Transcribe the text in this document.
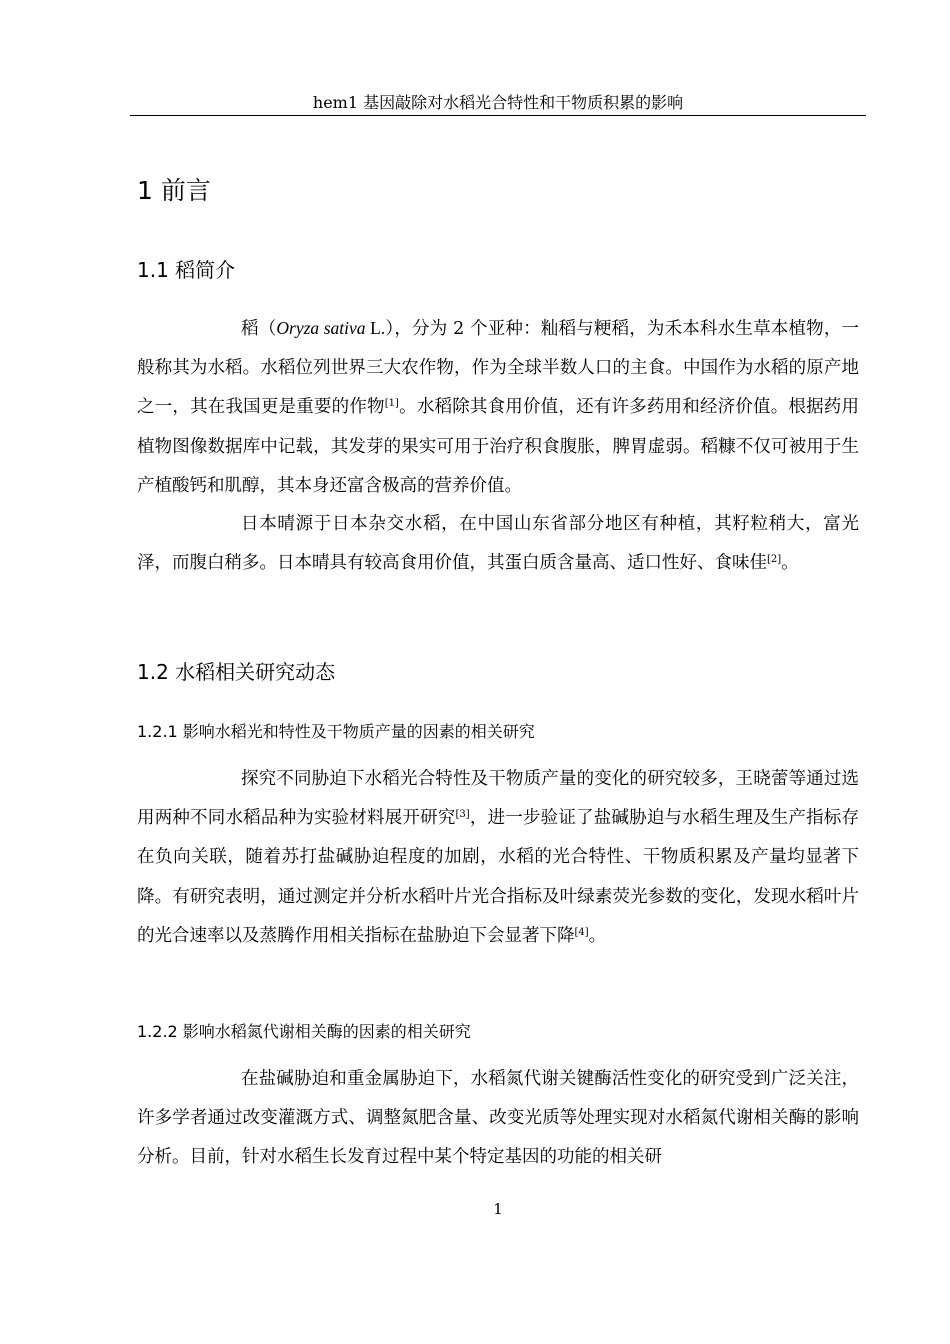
hem1 基因敲除对水稻光合特性和干物质积累的影响
1 前言
1.1 稻简介

稻（Oryza sativa L.），分为 2 个亚种：籼稻与粳稻，为禾本科水生草本植物，一般称其为水稻。水稻位列世界三大农作物，作为全球半数人口的主食。中国作为水稻的原产地之一，其在我国更是重要的作物[1]。水稻除其食用价值，还有许多药用和经济价值。根据药用植物图像数据库中记载，其发芽的果实可用于治疗积食腹胀，脾胃虚弱。稻糠不仅可被用于生产植酸钙和肌醇，其本身还富含极高的营养价值。

日本晴源于日本杂交水稻，在中国山东省部分地区有种植，其籽粒稍大，富光泽，而腹白稍多。日本晴具有较高食用价值，其蛋白质含量高、适口性好、食味佳[2]。

1.2 水稻相关研究动态
1.2.1 影响水稻光和特性及干物质产量的因素的相关研究

探究不同胁迫下水稻光合特性及干物质产量的变化的研究较多，王晓蕾等通过选用两种不同水稻品种为实验材料展开研究[3]，进一步验证了盐碱胁迫与水稻生理及生产指标存在负向关联，随着苏打盐碱胁迫程度的加剧，水稻的光合特性、干物质积累及产量均显著下降。有研究表明，通过测定并分析水稻叶片光合指标及叶绿素荧光参数的变化，发现水稻叶片的光合速率以及蒸腾作用相关指标在盐胁迫下会显著下降[4]。

1.2.2 影响水稻氮代谢相关酶的因素的相关研究

在盐碱胁迫和重金属胁迫下，水稻氮代谢关键酶活性变化的研究受到广泛关注，许多学者通过改变灌溉方式、调整氮肥含量、改变光质等处理实现对水稻氮代谢相关酶的影响分析。目前，针对水稻生长发育过程中某个特定基因的功能的相关研

1
